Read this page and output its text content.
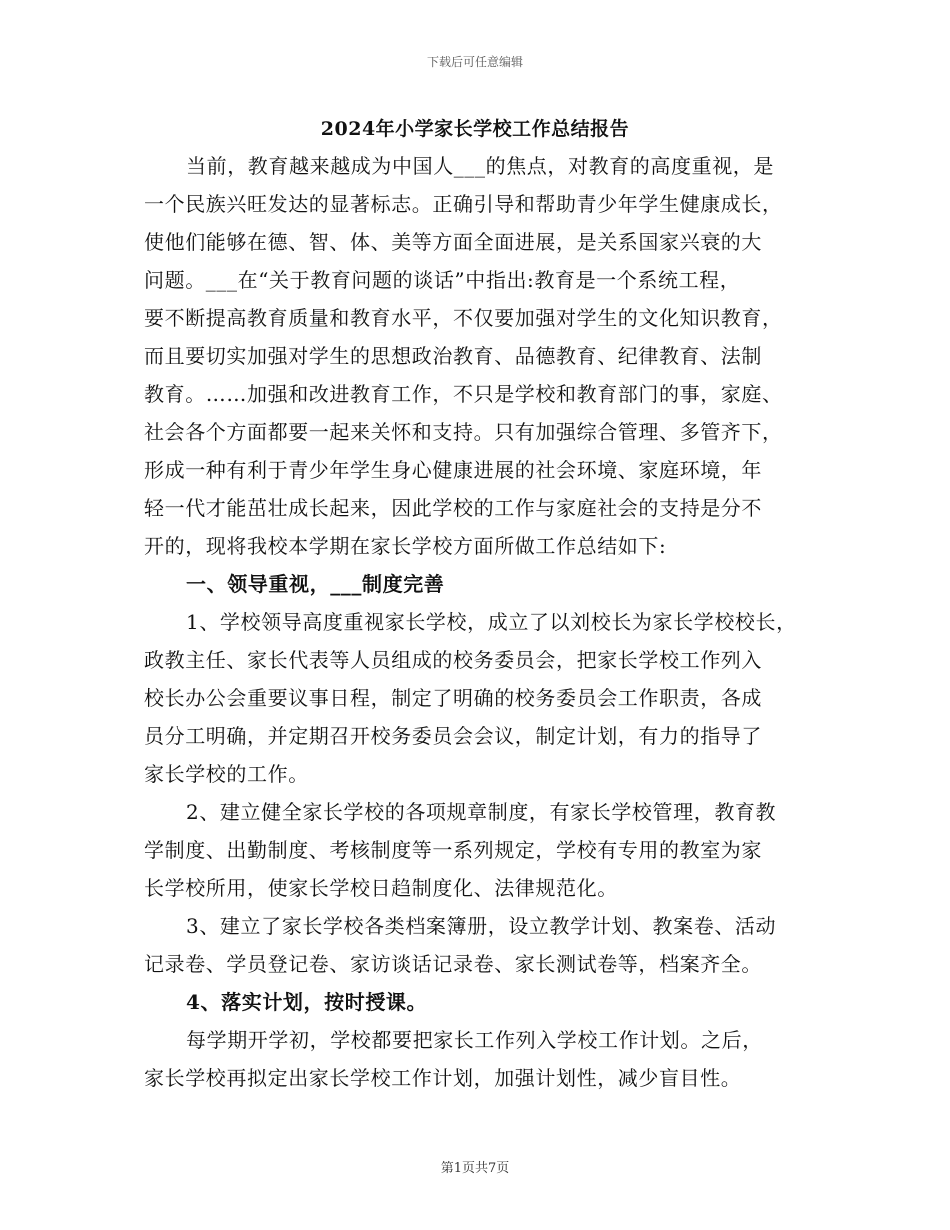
下载后可任意编辑
2024年小学家长学校工作总结报告
当前，教育越来越成为中国人___的焦点，对教育的高度重视，是
一个民族兴旺发达的显著标志。正确引导和帮助青少年学生健康成长，
使他们能够在德、智、体、美等方面全面进展，是关系国家兴衰的大
问题。___在“关于教育问题的谈话”中指出:教育是一个系统工程，
要不断提高教育质量和教育水平，不仅要加强对学生的文化知识教育，
而且要切实加强对学生的思想政治教育、品德教育、纪律教育、法制
教育。……加强和改进教育工作，不只是学校和教育部门的事，家庭、
社会各个方面都要一起来关怀和支持。只有加强综合管理、多管齐下，
形成一种有利于青少年学生身心健康进展的社会环境、家庭环境，年
轻一代才能茁壮成长起来，因此学校的工作与家庭社会的支持是分不
开的，现将我校本学期在家长学校方面所做工作总结如下:
一、领导重视，___制度完善
1、学校领导高度重视家长学校，成立了以刘校长为家长学校校长，
政教主任、家长代表等人员组成的校务委员会，把家长学校工作列入
校长办公会重要议事日程，制定了明确的校务委员会工作职责，各成
员分工明确，并定期召开校务委员会会议，制定计划，有力的指导了
家长学校的工作。
2、建立健全家长学校的各项规章制度，有家长学校管理，教育教
学制度、出勤制度、考核制度等一系列规定，学校有专用的教室为家
长学校所用，使家长学校日趋制度化、法律规范化。
3、建立了家长学校各类档案簿册，设立教学计划、教案卷、活动
记录卷、学员登记卷、家访谈话记录卷、家长测试卷等，档案齐全。
4、落实计划，按时授课。
每学期开学初，学校都要把家长工作列入学校工作计划。之后，
家长学校再拟定出家长学校工作计划，加强计划性，减少盲目性。
第1页共7页
